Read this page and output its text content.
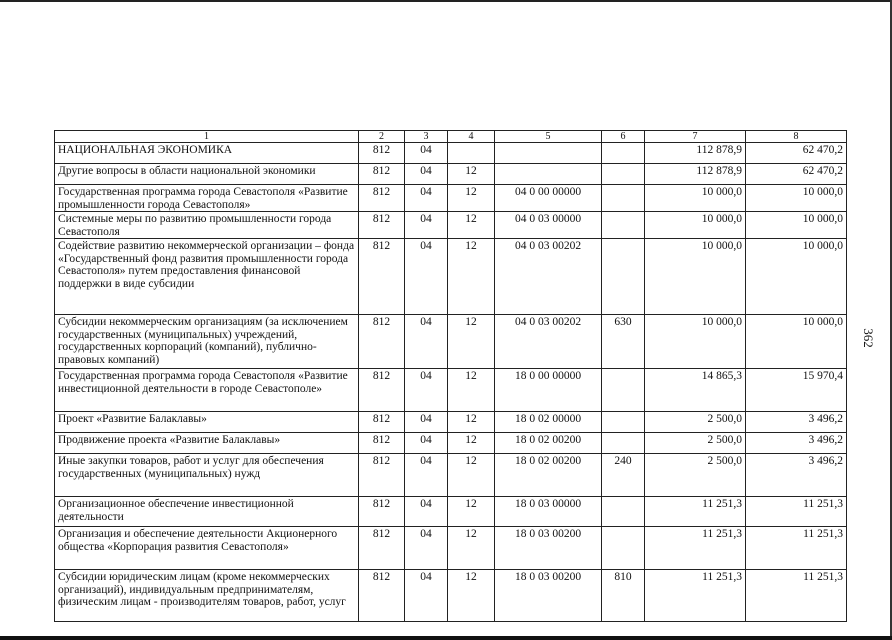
362
1	2	3	4	5	6	7	8
НАЦИОНАЛЬНАЯ ЭКОНОМИКА	812	04				112 878,9	62 470,2
Другие вопросы в области национальной экономики	812	04	12			112 878,9	62 470,2
Государственная программа города Севастополя «Развитие промышленности города Севастополя»	812	04	12	04 0 00 00000		10 000,0	10 000,0
Системные меры по развитию промышленности города Севастополя	812	04	12	04 0 03 00000		10 000,0	10 000,0
Содействие развитию некоммерческой организации – фонда «Государственный фонд развития промышленности города Севастополя» путем предоставления финансовой поддержки в виде субсидии	812	04	12	04 0 03 00202		10 000,0	10 000,0
Субсидии некоммерческим организациям (за исключением государственных (муниципальных) учреждений, государственных корпораций (компаний), публично-правовых компаний)	812	04	12	04 0 03 00202	630	10 000,0	10 000,0
Государственная программа города Севастополя «Развитие инвестиционной деятельности в городе Севастополе»	812	04	12	18 0 00 00000		14 865,3	15 970,4
Проект «Развитие Балаклавы»	812	04	12	18 0 02 00000		2 500,0	3 496,2
Продвижение проекта «Развитие Балаклавы»	812	04	12	18 0 02 00200		2 500,0	3 496,2
Иные закупки товаров, работ и услуг для обеспечения государственных (муниципальных) нужд	812	04	12	18 0 02 00200	240	2 500,0	3 496,2
Организационное обеспечение инвестиционной деятельности	812	04	12	18 0 03 00000		11 251,3	11 251,3
Организация и обеспечение деятельности Акционерного общества «Корпорация развития Севастополя»	812	04	12	18 0 03 00200		11 251,3	11 251,3
Субсидии юридическим лицам (кроме некоммерческих организаций), индивидуальным предпринимателям, физическим лицам - производителям товаров, работ, услуг	812	04	12	18 0 03 00200	810	11 251,3	11 251,3
